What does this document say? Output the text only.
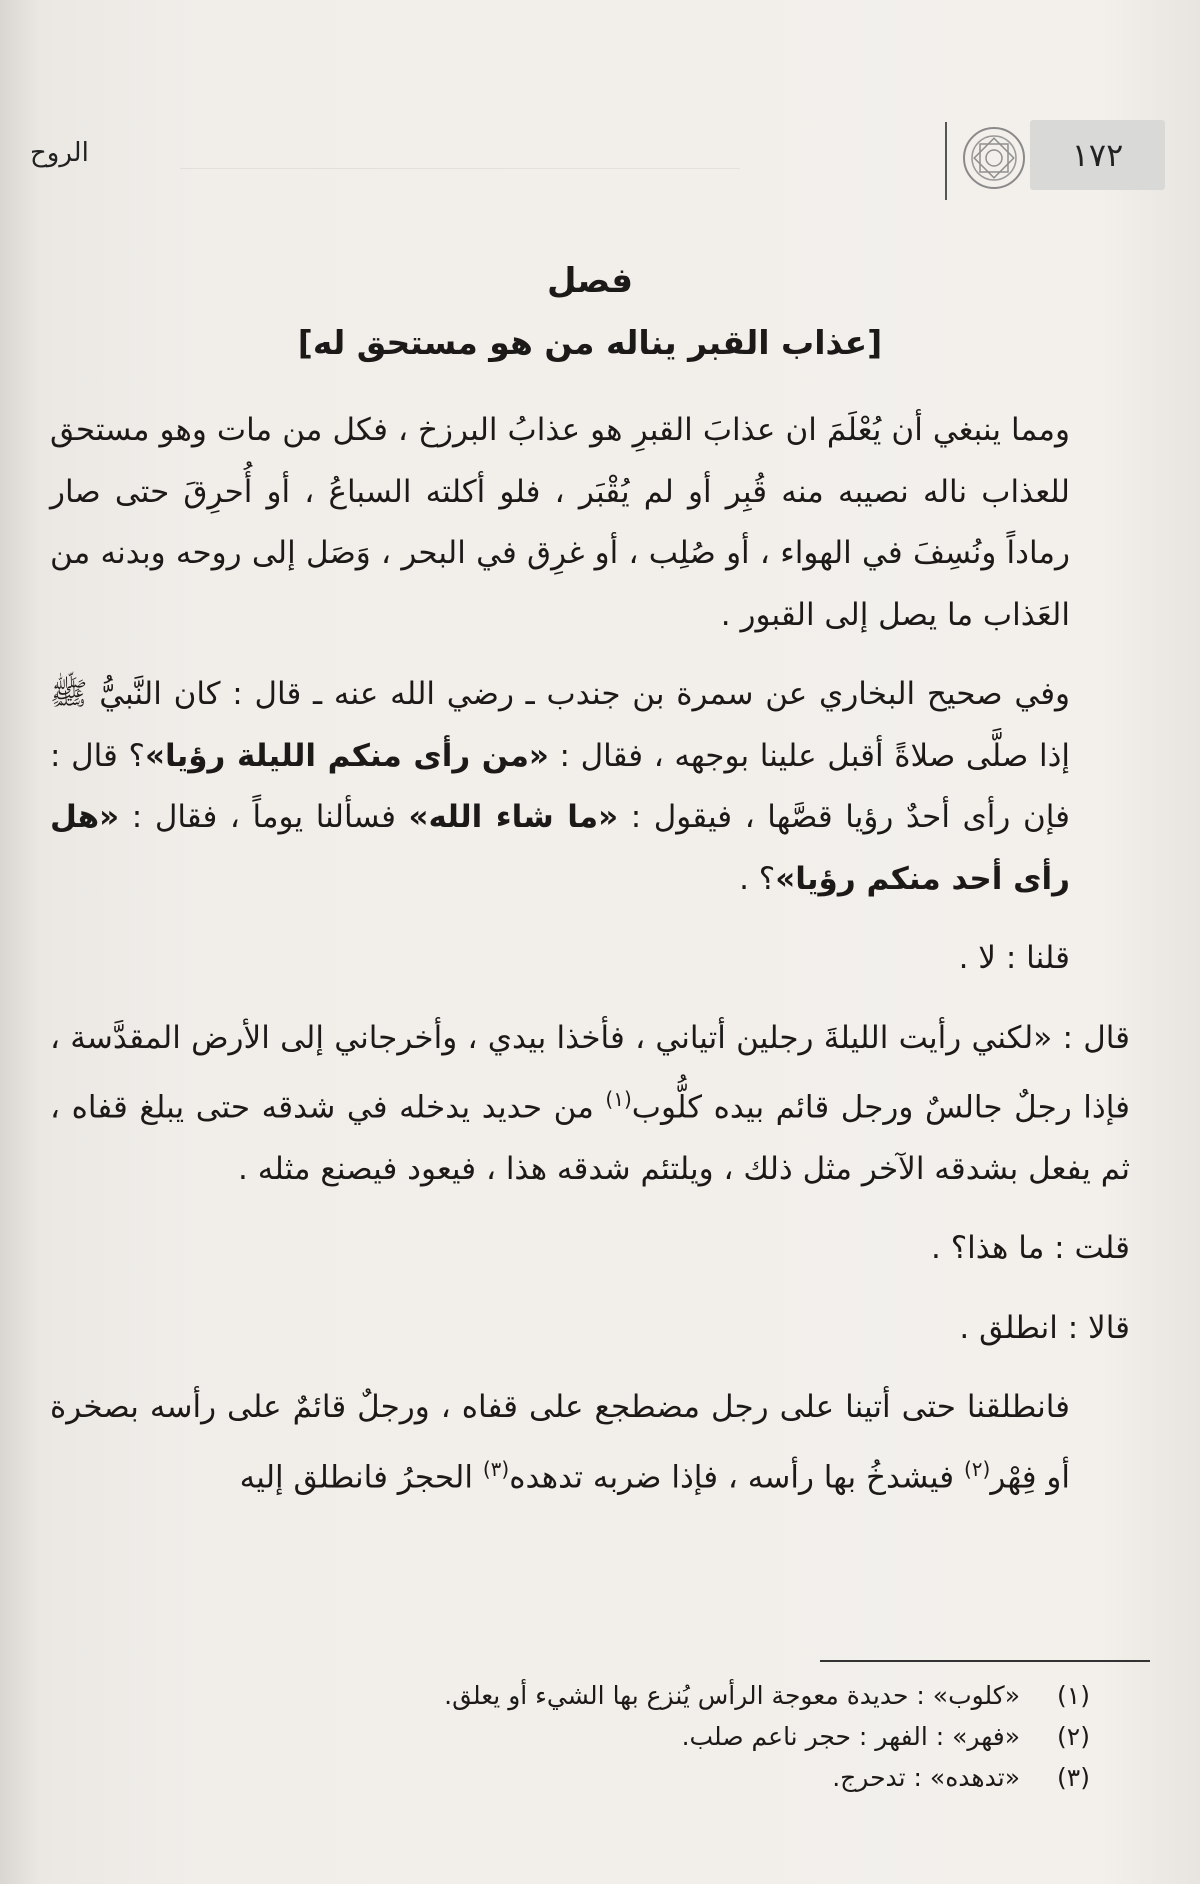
الروح	١٧٢
فصل
[عذاب القبر يناله من هو مستحق له]

ومما ينبغي أن يُعْلَمَ ان عذابَ القبرِ هو عذابُ البرزخ ، فكل من مات وهو مستحق للعذاب ناله نصيبه منه قُبِر أو لم يُقْبَر ، فلو أكلته السباعُ ، أو أُحرِقَ حتى صار رماداً ونُسِفَ في الهواء ، أو صُلِب ، أو غرِق في البحر ، وَصَل إلى روحه وبدنه من العَذاب ما يصل إلى القبور .

وفي صحيح البخاري عن سمرة بن جندب ـ رضي الله عنه ـ قال : كان النَّبيُّ ﷺ إذا صلَّى صلاةً أقبل علينا بوجهه ، فقال : «من رأى منكم الليلة رؤيا»؟ قال : فإن رأى أحدٌ رؤيا قصَّها ، فيقول : «ما شاء الله» فسألنا يوماً ، فقال : «هل رأى أحد منكم رؤيا»؟ .

قلنا : لا .

قال : «لكني رأيت الليلةَ رجلين أتياني ، فأخذا بيدي ، وأخرجاني إلى الأرض المقدَّسة ، فإذا رجلٌ جالسٌ ورجل قائم بيده كلُّوب$^{(١)}$ من حديد يدخله في شدقه حتى يبلغ قفاه ، ثم يفعل بشدقه الآخر مثل ذلك ، ويلتئم شدقه هذا ، فيعود فيصنع مثله .

قلت : ما هذا؟ .

قالا : انطلق .

فانطلقنا حتى أتينا على رجل مضطجع على قفاه ، ورجلٌ قائمٌ على رأسه بصخرة أو فِهْر$^{(٢)}$ فيشدخُ بها رأسه ، فإذا ضربه تدهده$^{(٣)}$ الحجرُ فانطلق إليه

(١)«كلوب» : حديدة معوجة الرأس يُنزع بها الشيء أو يعلق.
(٢)«فهر» : الفهر : حجر ناعم صلب.
(٣)«تدهده» : تدحرج.
